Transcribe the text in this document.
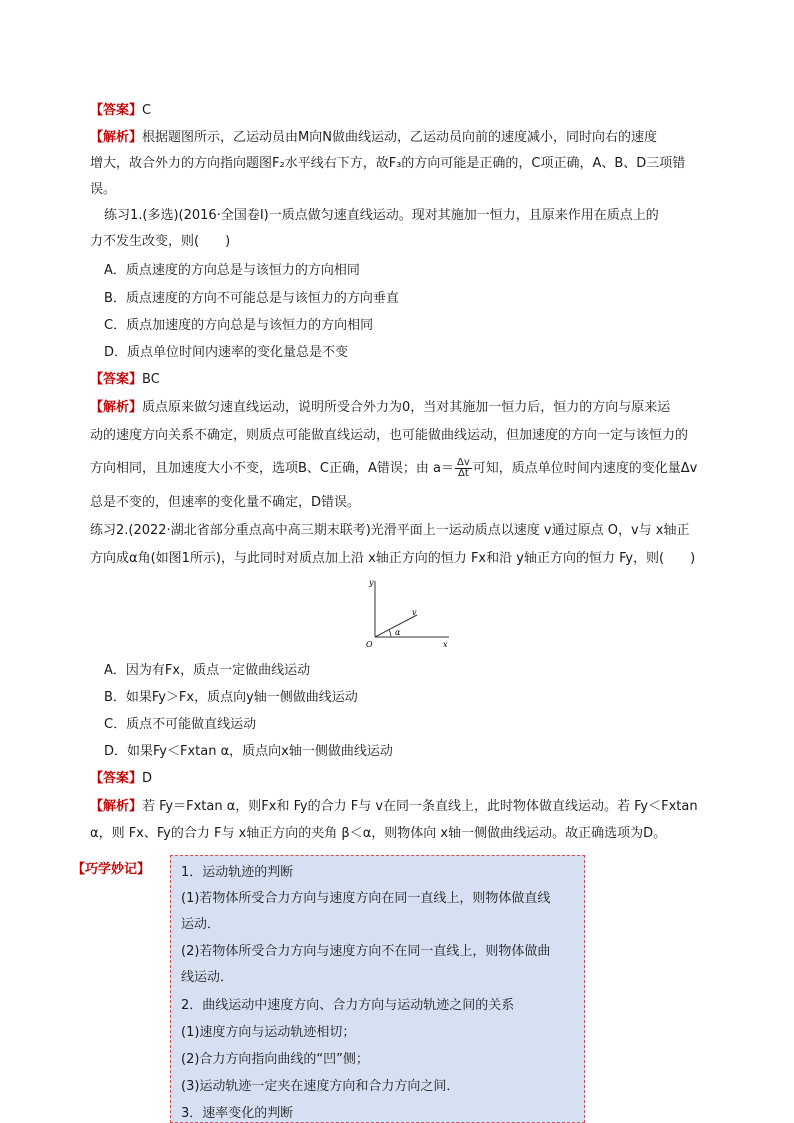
【答案】C
【解析】根据题图所示，乙运动员由M向N做曲线运动，乙运动员向前的速度减小，同时向右的速度
增大，故合外力的方向指向题图F₂水平线右下方，故F₃的方向可能是正确的，C项正确，A、B、D三项错
误。
练习1.(多选)(2016·全国卷Ⅰ)一质点做匀速直线运动。现对其施加一恒力，且原来作用在质点上的
力不发生改变，则(　　)
A．质点速度的方向总是与该恒力的方向相同
B．质点速度的方向不可能总是与该恒力的方向垂直
C．质点加速度的方向总是与该恒力的方向相同
D．质点单位时间内速率的变化量总是不变
【答案】BC
【解析】质点原来做匀速直线运动，说明所受合外力为0，当对其施加一恒力后，恒力的方向与原来运
动的速度方向关系不确定，则质点可能做直线运动，也可能做曲线运动，但加速度的方向一定与该恒力的
方向相同，且加速度大小不变，选项B、C正确，A错误；由 $a= \frac{\Delta v}{\Delta t}$ 可知，质点单位时间内速度的变化量Δv
总是不变的，但速率的变化量不确定，D错误。
练习2.(2022·湖北省部分重点高中高三期末联考)光滑平面上一运动质点以速度 v通过原点 O，v与 x轴正
方向成α角(如图1所示)，与此同时对质点加上沿 x轴正方向的恒力 Fx和沿 y轴正方向的恒力 Fy，则(　　)
y
v
α
O	x
A．因为有Fx，质点一定做曲线运动
B．如果Fy＞Fx，质点向y轴一侧做曲线运动
C．质点不可能做直线运动
D．如果Fy＜Fxtan α，质点向x轴一侧做曲线运动
【答案】D
【解析】若 Fy＝Fxtan α，则Fx和 Fy的合力 F与 v在同一条直线上，此时物体做直线运动。若 Fy＜Fxtan
α，则 Fx、Fy的合力 F与 x轴正方向的夹角 β＜α，则物体向 x轴一侧做曲线运动。故正确选项为D。
【巧学妙记】 1．运动轨迹的判断
(1)若物体所受合力方向与速度方向在同一直线上，则物体做直线
运动．
(2)若物体所受合力方向与速度方向不在同一直线上，则物体做曲
线运动．
2．曲线运动中速度方向、合力方向与运动轨迹之间的关系
(1)速度方向与运动轨迹相切；
(2)合力方向指向曲线的“凹”侧；
(3)运动轨迹一定夹在速度方向和合力方向之间．
3．速率变化的判断
